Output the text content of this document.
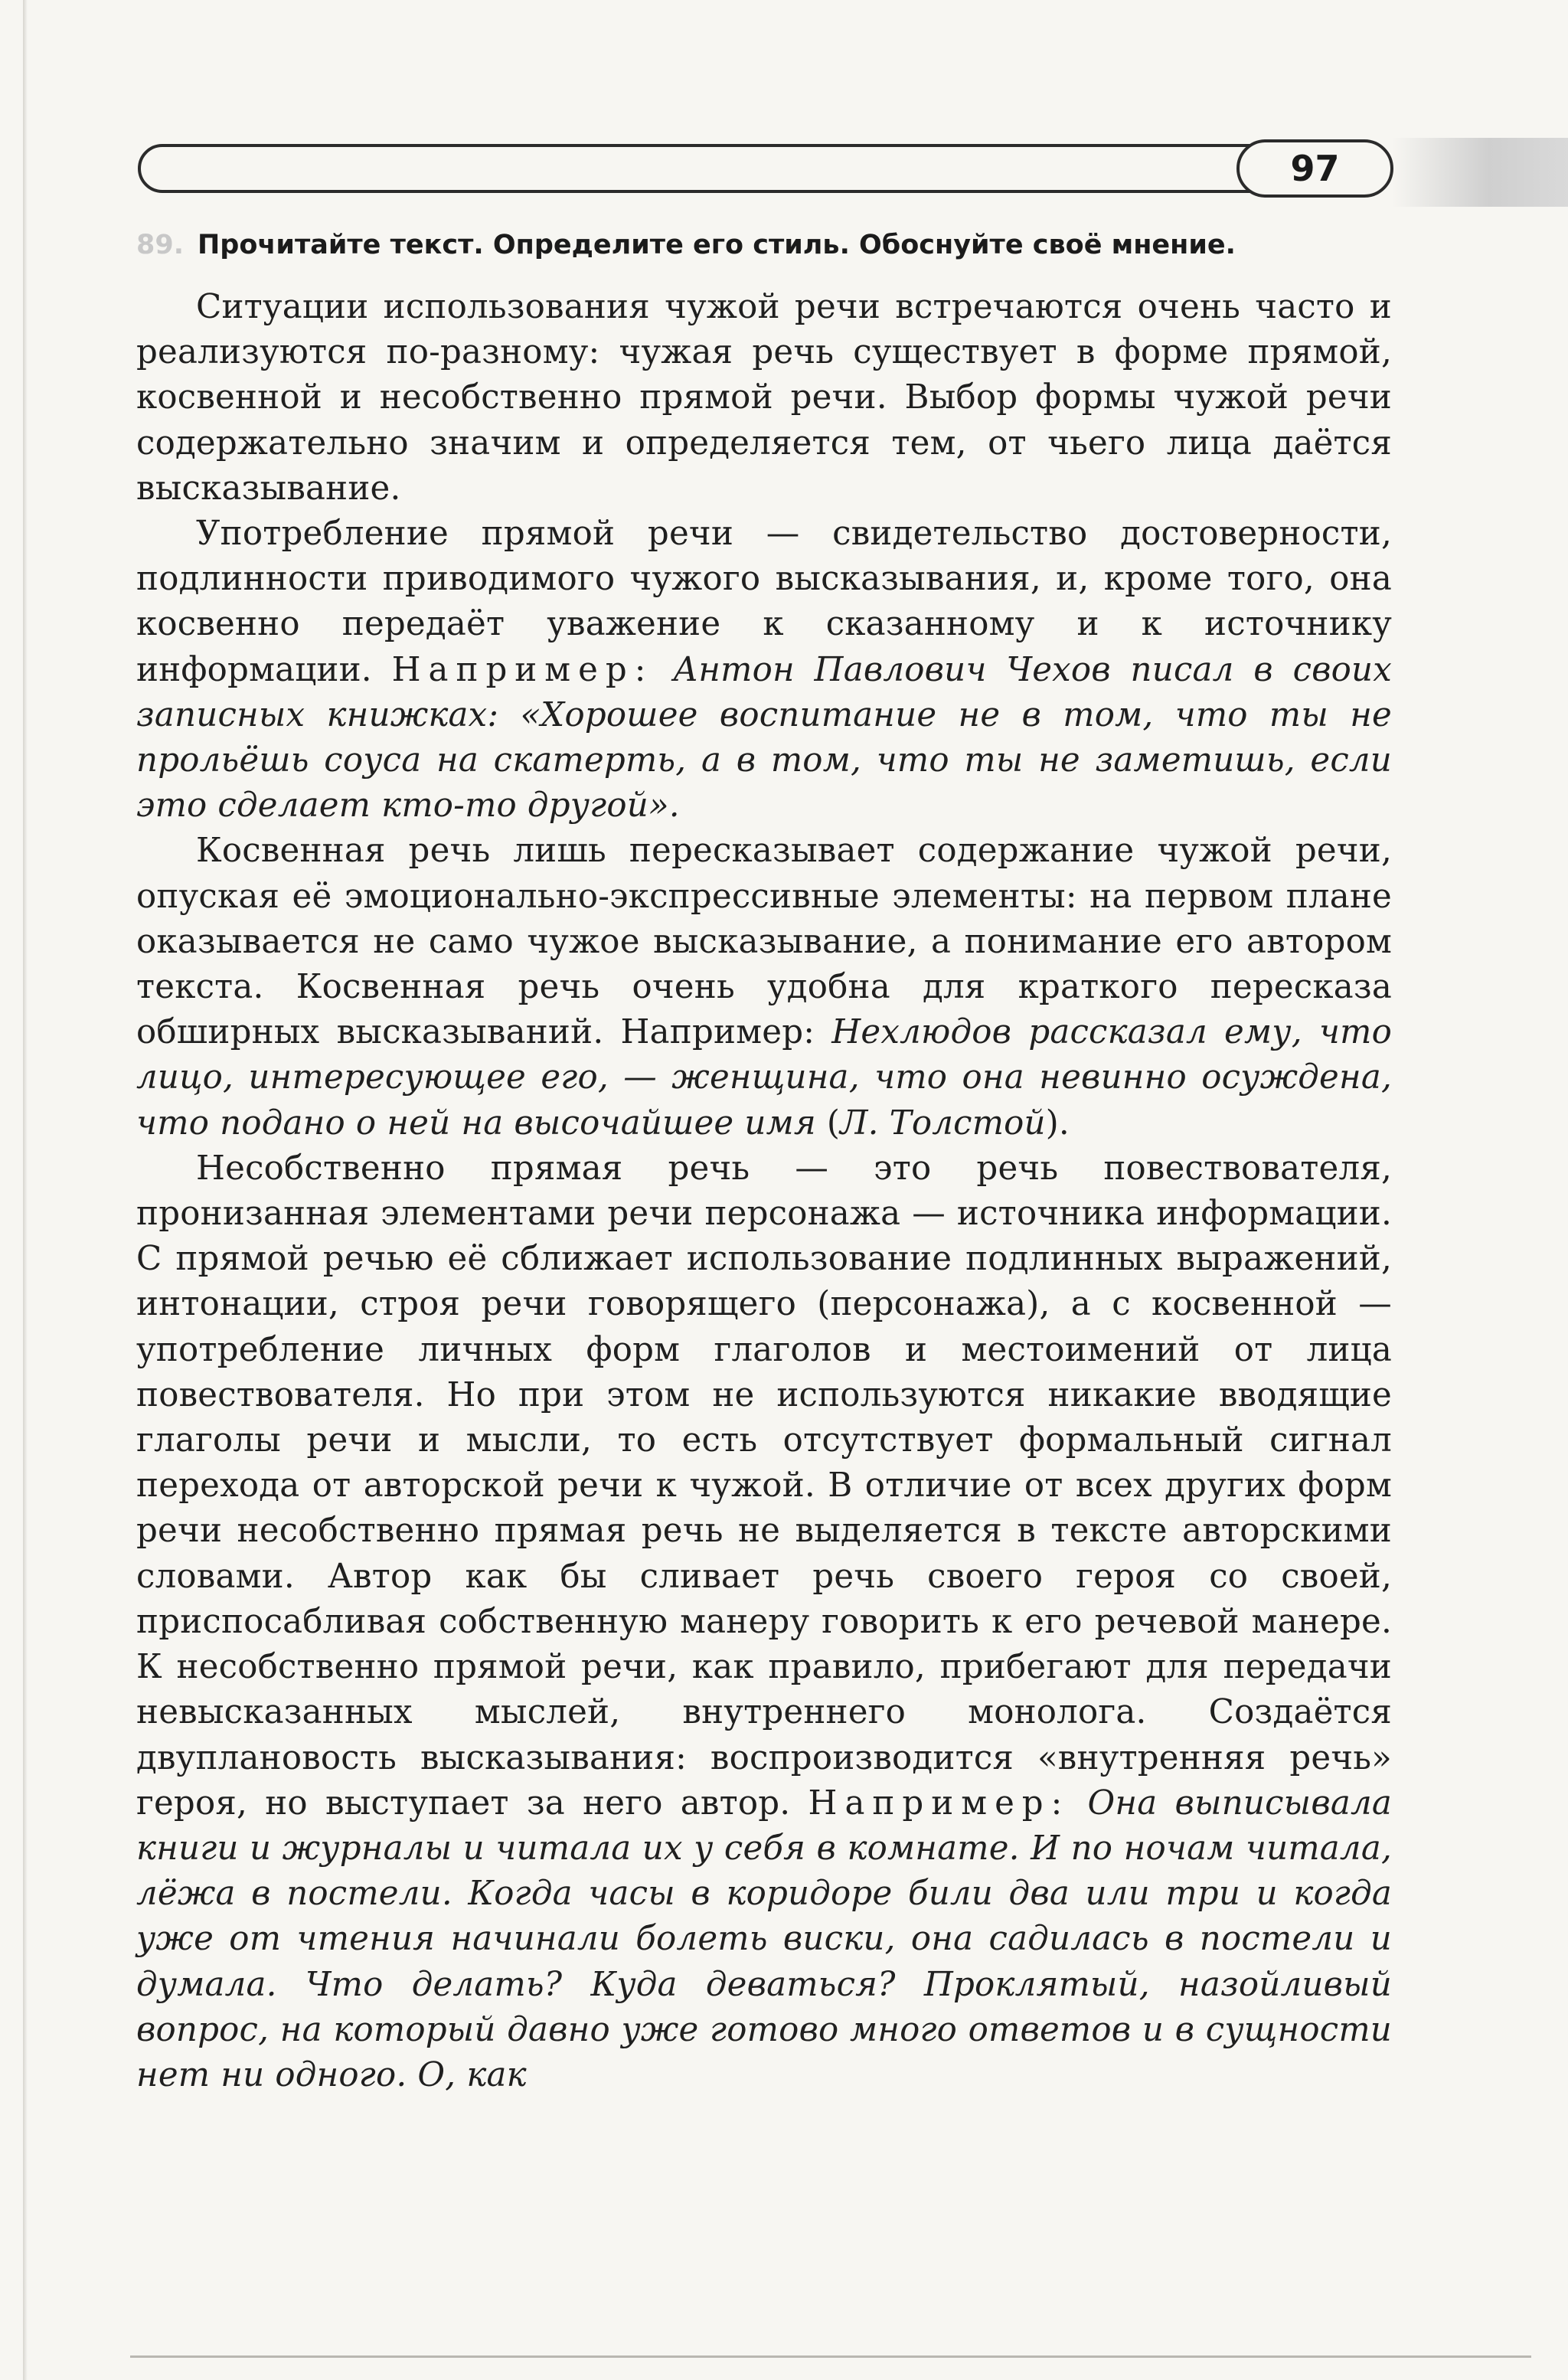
97
89. Прочитайте текст. Определите его стиль. Обоснуйте своё мнение.

Ситуации использования чужой речи встречаются очень часто и реализуются по-разному: чужая речь существует в форме прямой, косвенной и несобственно прямой речи. Выбор формы чужой речи содержательно значим и определяется тем, от чьего лица даётся высказывание.

Употребление прямой речи — свидетельство достоверности, подлинности приводимого чужого высказывания, и, кроме того, она косвенно передаёт уважение к сказанному и к источнику информации. Например: Антон Павлович Чехов писал в своих записных книжках: «Хорошее воспитание не в том, что ты не прольёшь соуса на скатерть, а в том, что ты не заметишь, если это сделает кто-то другой».

Косвенная речь лишь пересказывает содержание чужой речи, опуская её эмоционально-экспрессивные элементы: на первом плане оказывается не само чужое высказывание, а понимание его автором текста. Косвенная речь очень удобна для краткого пересказа обширных высказываний. Например: Нехлюдов рассказал ему, что лицо, интересующее его, — женщина, что она невинно осуждена, что подано о ней на высочайшее имя (Л. Толстой).

Несобственно прямая речь — это речь повествователя, пронизанная элементами речи персонажа — источника информации. С прямой речью её сближает использование подлинных выражений, интонации, строя речи говорящего (персонажа), а с косвенной — употребление личных форм глаголов и местоимений от лица повествователя. Но при этом не используются никакие вводящие глаголы речи и мысли, то есть отсутствует формальный сигнал перехода от авторской речи к чужой. В отличие от всех других форм речи несобственно прямая речь не выделяется в тексте авторскими словами. Автор как бы сливает речь своего героя со своей, приспосабливая собственную манеру говорить к его речевой манере. К несобственно прямой речи, как правило, прибегают для передачи невысказанных мыслей, внутреннего монолога. Создаётся двуплановость высказывания: воспроизводится «внутренняя речь» героя, но выступает за него автор. Например: Она выписывала книги и журналы и читала их у себя в комнате. И по ночам читала, лёжа в постели. Когда часы в коридоре били два или три и когда уже от чтения начинали болеть виски, она садилась в постели и думала. Что делать? Куда деваться? Проклятый, назойливый вопрос, на который давно уже готово много ответов и в сущности нет ни одного. О, как
